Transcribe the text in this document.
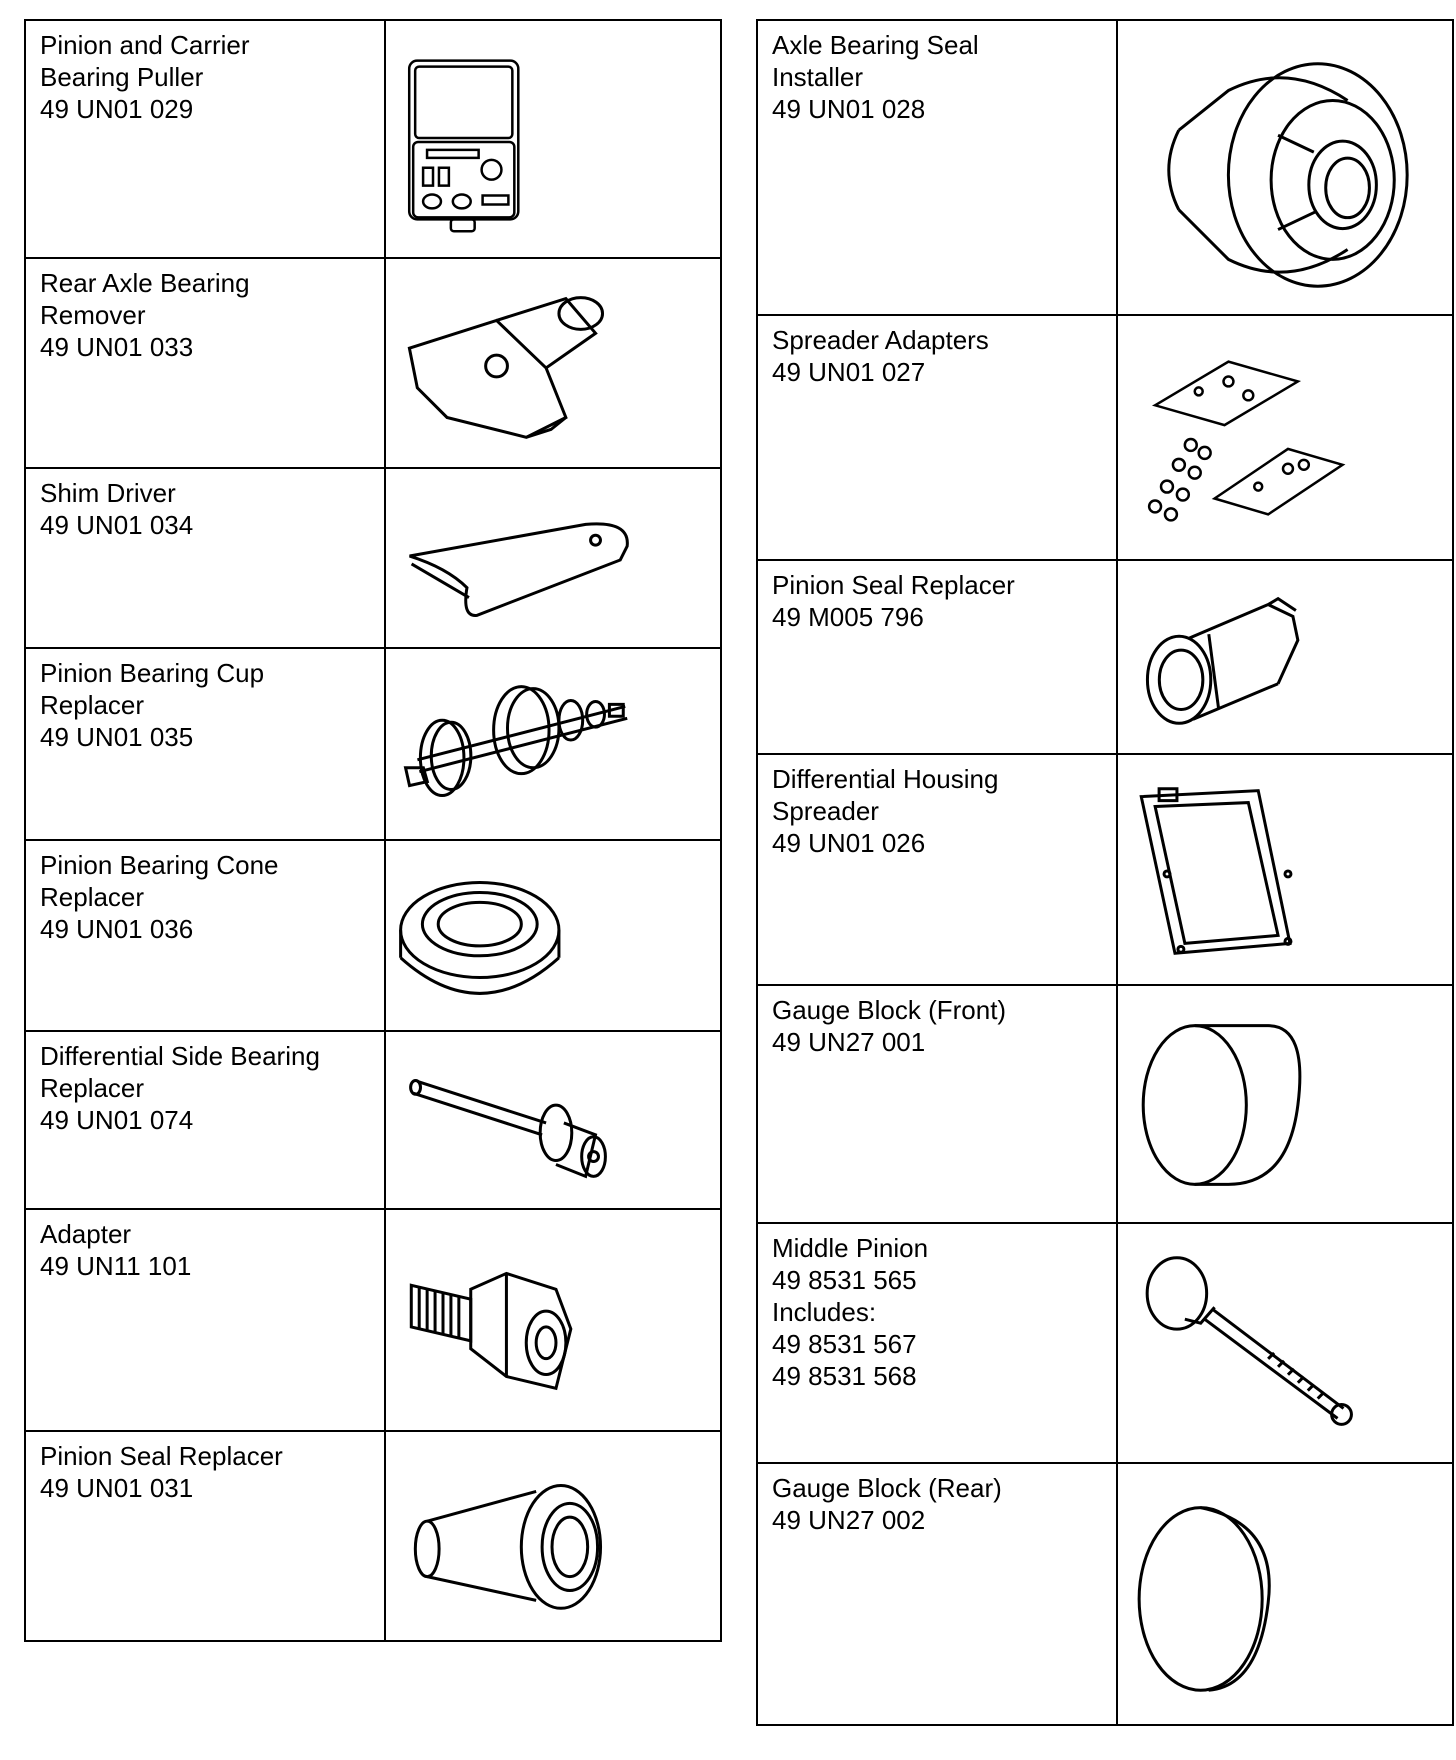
Pinion and Carrier
Bearing Puller
49 UN01 029

Rear Axle Bearing
Remover
49 UN01 033

Shim Driver
49 UN01 034

Pinion Bearing Cup
Replacer
49 UN01 035

Pinion Bearing Cone
Replacer
49 UN01 036

Differential Side Bearing
Replacer
49 UN01 074

Adapter
49 UN11 101

Pinion Seal Replacer
49 UN01 031

Axle Bearing Seal
Installer
49 UN01 028

Spreader Adapters
49 UN01 027

Pinion Seal Replacer
49 M005 796

Differential Housing
Spreader
49 UN01 026

Gauge Block (Front)
49 UN27 001

Middle Pinion
49 8531 565
Includes:
49 8531 567
49 8531 568

Gauge Block (Rear)
49 UN27 002
